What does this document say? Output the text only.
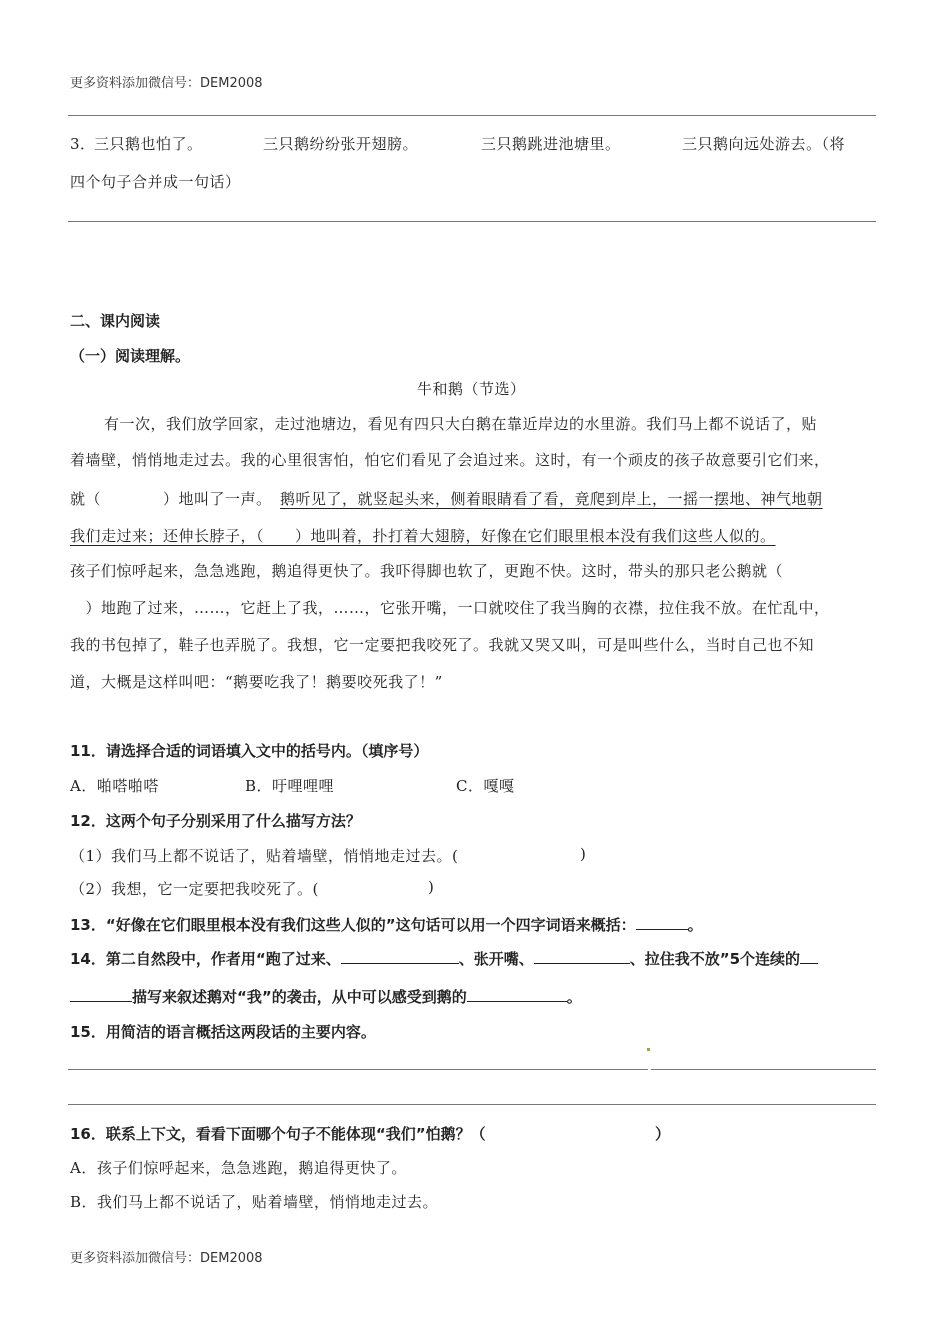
更多资料添加微信号：DEM2008
3．
三只鹅也怕了。	三只鹅纷纷张开翅膀。	三只鹅跳进池塘里。	三只鹅向远处游去。（将
四个句子合并成一句话）
二、课内阅读
（一）阅读理解。
牛和鹅（节选）
有一次，我们放学回家，走过池塘边，看见有四只大白鹅在靠近岸边的水里游。我们马上都不说话了，贴
着墙壁，悄悄地走过去。我的心里很害怕，怕它们看见了会追过来。这时，有一个顽皮的孩子故意要引它们来，
就（　　　　）地叫了一声。 鹅听见了，就竖起头来，侧着眼睛看了看，竟爬到岸上，一摇一摆地、神气地朝
我们走过来；还伸长脖子，（　　）地叫着，扑打着大翅膀，好像在它们眼里根本没有我们这些人似的。
孩子们惊呼起来，急急逃跑，鹅追得更快了。我吓得脚也软了，更跑不快。这时，带头的那只老公鹅就（
　）地跑了过来，……，它赶上了我，……，它张开嘴，一口就咬住了我当胸的衣襟，拉住我不放。在忙乱中，
我的书包掉了，鞋子也弄脱了。我想，它一定要把我咬死了。我就又哭又叫，可是叫些什么，当时自己也不知
道，大概是这样叫吧：“鹅要吃我了！鹅要咬死我了！”
11．请选择合适的词语填入文中的括号内。（填序号）
A．啪嗒啪嗒	B．吁哩哩哩	C．嘎嘎
12．这两个句子分别采用了什么描写方法？
（1）我们马上都不说话了，贴着墙壁，悄悄地走过去。(	)
（2）我想，它一定要把我咬死了。(	)
13．“好像在它们眼里根本没有我们这些人似的”这句话可以用一个四字词语来概括：	。
14．第二自然段中，作者用“跑了过来、	、张开嘴、	、拉住我不放”5个连续的
描写来叙述鹅对“我”的袭击，从中可以感受到鹅的	。
15．用简洁的语言概括这两段话的主要内容。
16．联系上下文，看看下面哪个句子不能体现“我们”怕鹅？（	）
A．孩子们惊呼起来，急急逃跑，鹅追得更快了。
B．我们马上都不说话了，贴着墙壁，悄悄地走过去。
更多资料添加微信号：DEM2008
